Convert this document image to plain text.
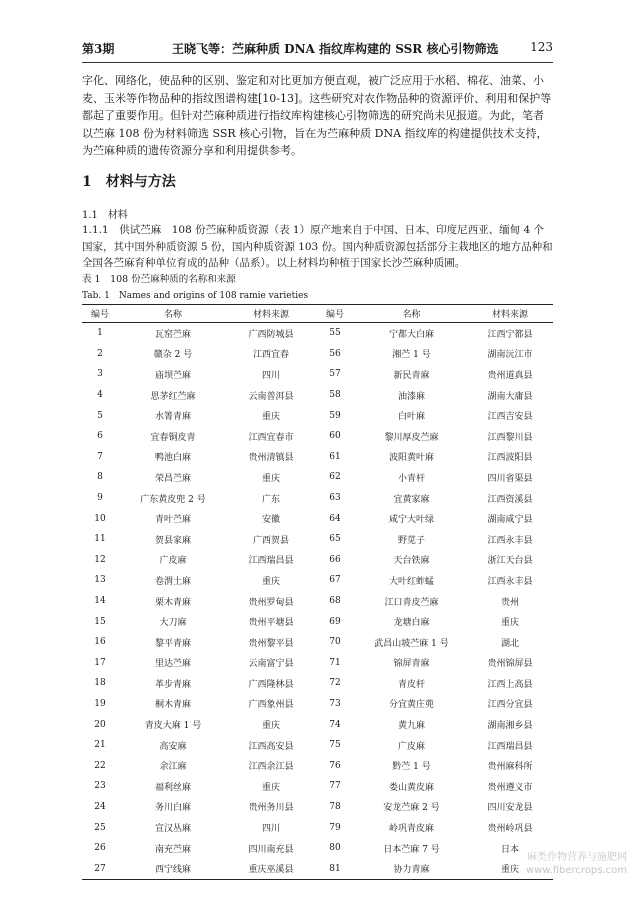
第3期	王晓飞等：苎麻种质 DNA 指纹库构建的 SSR 核心引物筛选	123

字化、网络化，使品种的区别、鉴定和对比更加方便直观，被广泛应用于水稻、棉花、油菜、小麦、玉米等作物品种的指纹图谱构建[10-13]。这些研究对农作物品种的资源评价、利用和保护等都起了重要作用。但针对苎麻种质进行指纹库构建核心引物筛选的研究尚未见报道。为此，笔者以苎麻 108 份为材料筛选 SSR 核心引物，旨在为苎麻种质 DNA 指纹库的构建提供技术支持，为苎麻种质的遗传资源分享和利用提供参考。

1　材料与方法
1.1　材料
1.1.1　供试苎麻　108 份苎麻种质资源（表 1）原产地来自于中国、日本、印度尼西亚、缅甸 4 个国家，其中国外种质资源 5 份，国内种质资源 103 份。国内种质资源包括部分主栽地区的地方品种和全国各苎麻育种单位育成的品种（品系）。以上材料均种植于国家长沙苎麻种质圃。
表 1　108 份苎麻种质的名称和来源
Tab. 1　Names and origins of 108 ramie varieties
编号	名称	材料来源	编号	名称	材料来源
1	瓦窑苎麻	广西防城县	55	宁都大白麻	江西宁都县
2	赣杂 2 号	江西宜春	56	湘苎 1 号	湖南沅江市
3	庙坝苎麻	四川	57	新民青麻	贵州道真县
4	思茅红苎麻	云南普洱县	58	油漆麻	湖南大庸县
5	水箐青麻	重庆	59	白叶麻	江西吉安县
6	宜春铜皮青	江西宜春市	60	黎川厚皮苎麻	江西黎川县
7	鸭池白麻	贵州清镇县	61	波阳黄叶麻	江西波阳县
8	荣昌苎麻	重庆	62	小青杆	四川省渠县
9	广东黄皮兜 2 号	广东	63	宜黄家麻	江西资溪县
10	青叶苎麻	安徽	64	咸宁大叶绿	湖南咸宁县
11	贺县家麻	广西贺县	65	野苋子	江西永丰县
12	广皮麻	江西瑞昌县	66	天台铁麻	浙江天台县
13	卷渭土麻	重庆	67	大叶红蚱蜢	江西永丰县
14	栗木青麻	贵州罗甸县	68	江口青皮苎麻	贵州
15	大刀麻	贵州平塘县	69	龙塘白麻	重庆
16	黎平青麻	贵州黎平县	70	武昌山坡苎麻 1 号	湖北
17	里达苎麻	云南富宁县	71	锦屏青麻	贵州锦屏县
18	革步青麻	广西隆林县	72	青皮杆	江西上高县
19	桐木青麻	广西象州县	73	分宜黄庄蔸	江西分宜县
20	青皮大麻 1 号	重庆	74	黄九麻	湖南湘乡县
21	高安麻	江西高安县	75	广皮麻	江西瑞昌县
22	余江麻	江西余江县	76	黔苎 1 号	贵州麻科所
23	福利丝麻	重庆	77	娄山黄皮麻	贵州遵义市
24	务川白麻	贵州务川县	78	安龙苎麻 2 号	四川安龙县
25	宣汉丛麻	四川	79	岭巩青皮麻	贵州岭巩县
26	南充苎麻	四川南充县	80	日本苎麻 7 号	日本
27	西宁线麻	重庆巫溪县	81	协力青麻	重庆
麻类作物营养与施肥网
www.fibercrops.com
